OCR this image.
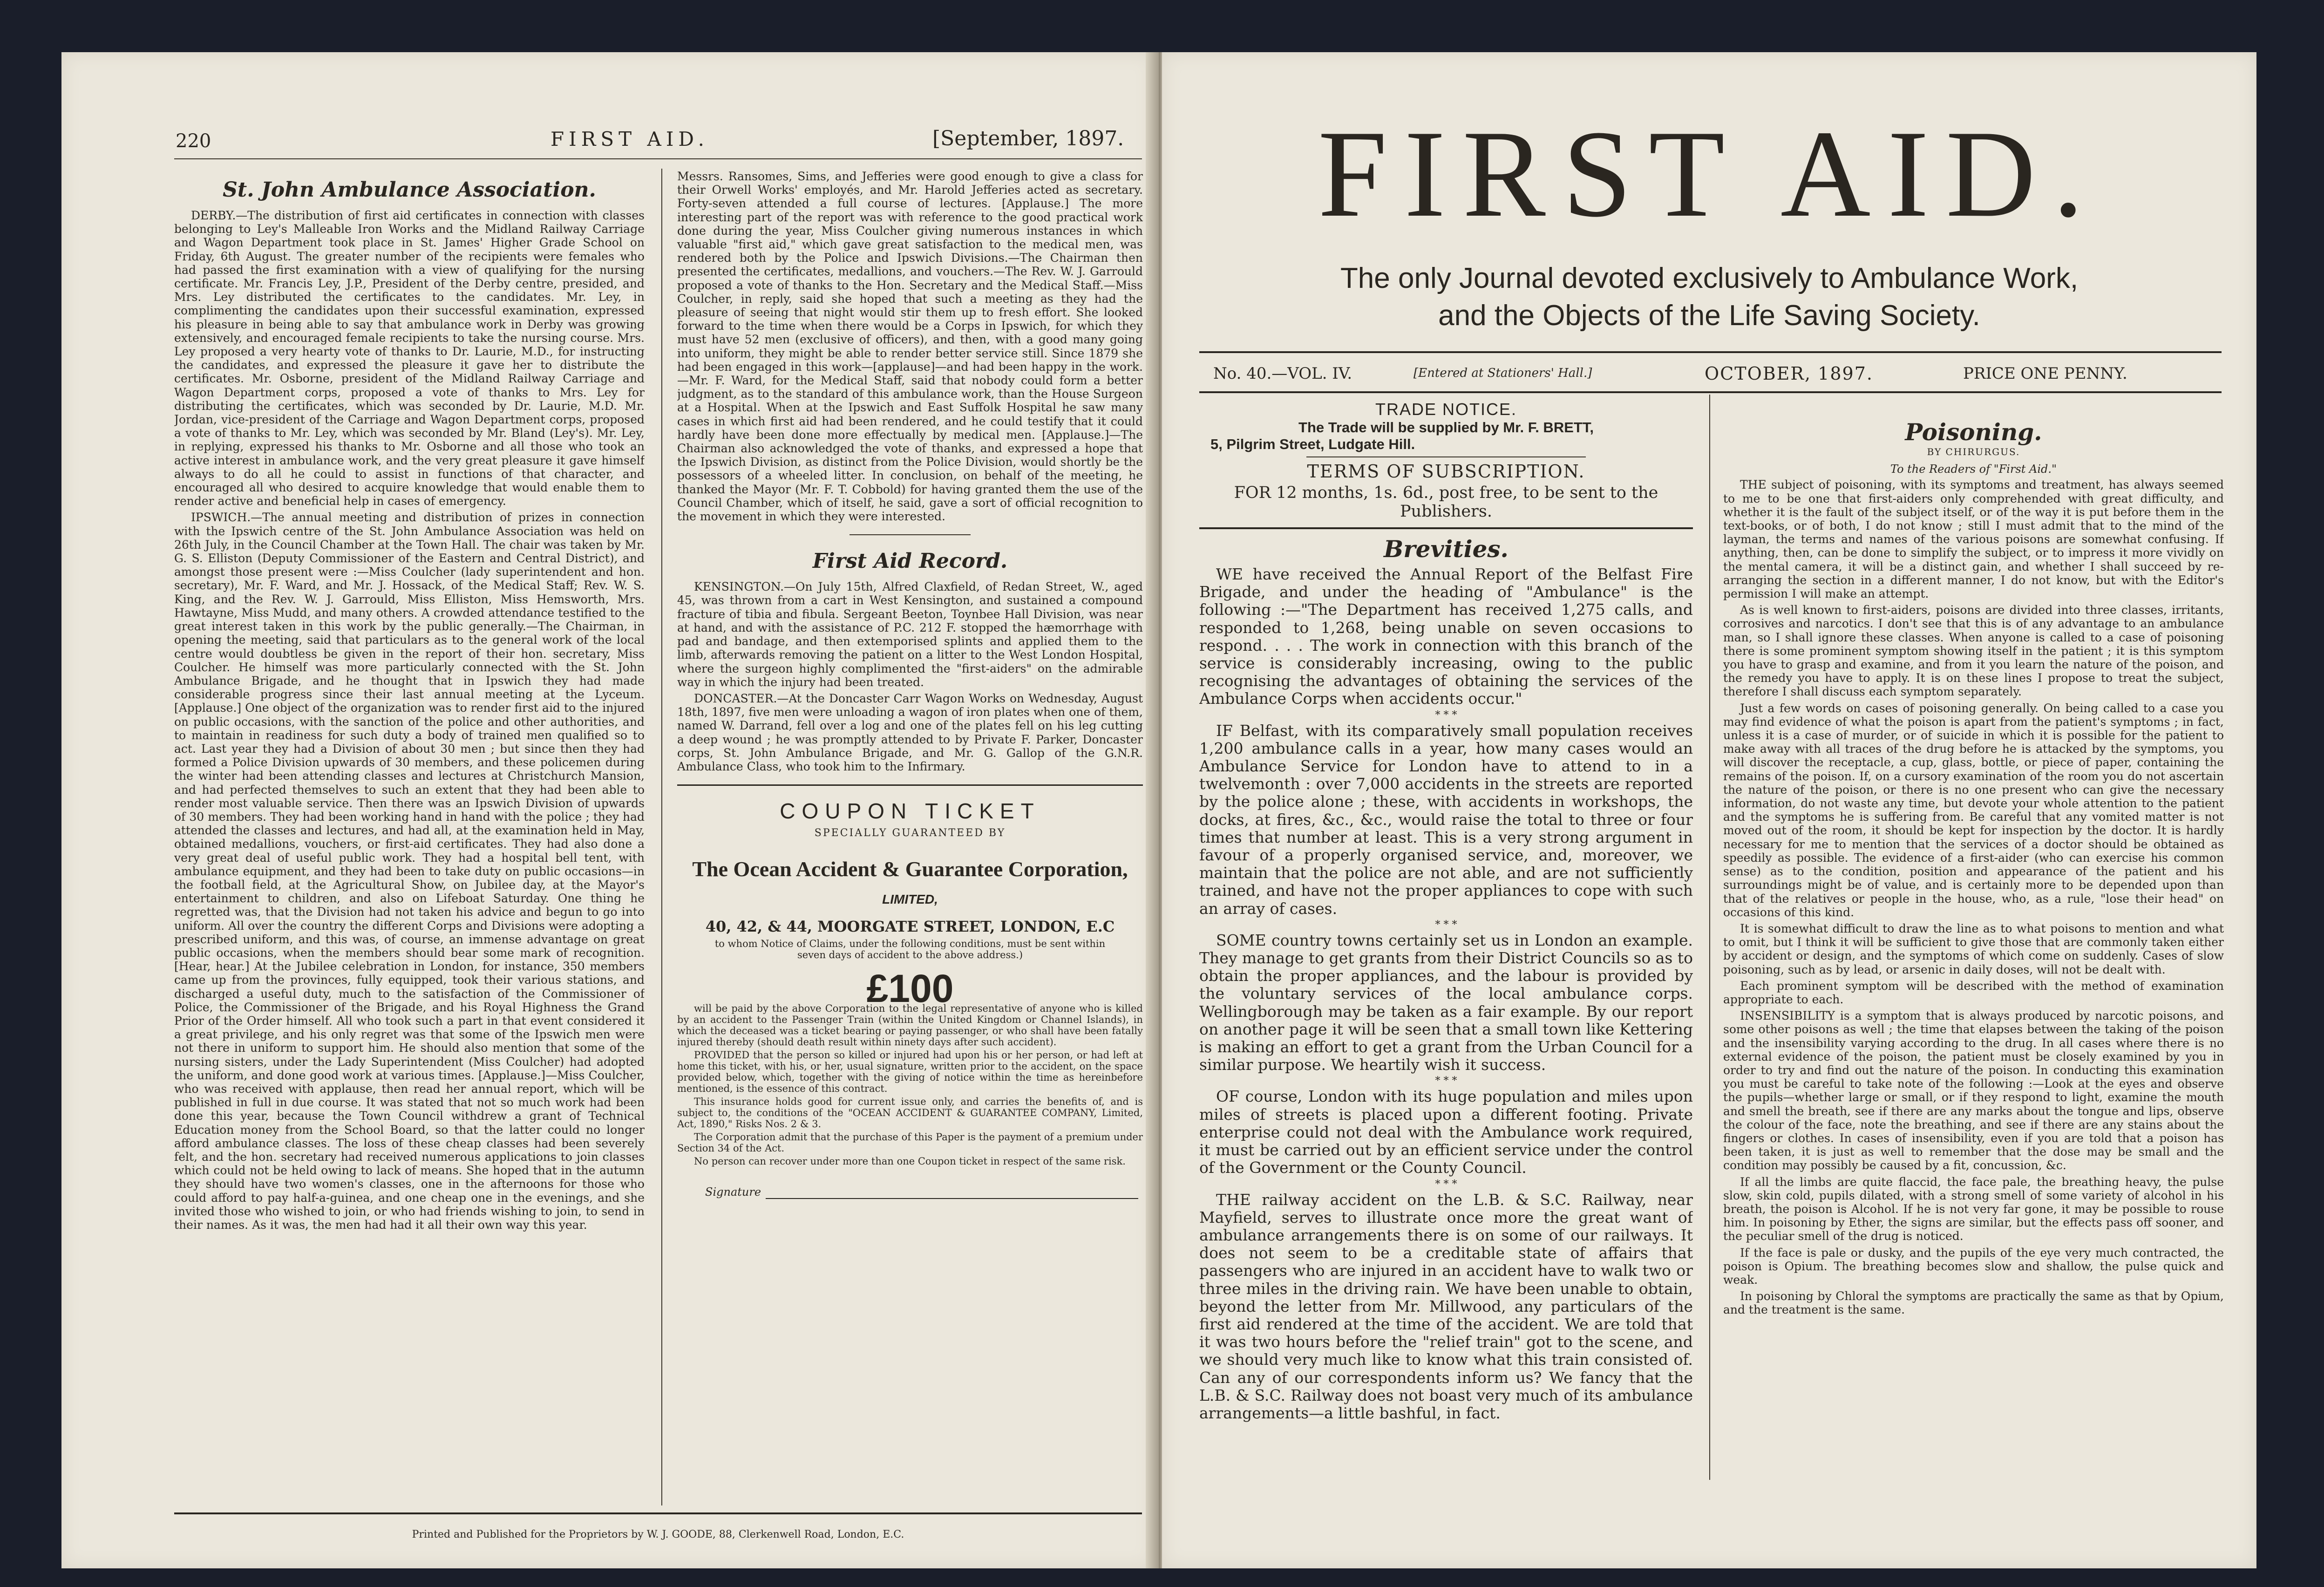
220	FIRST AID.	[September, 1897.
St. John Ambulance Association.

DERBY.—The distribution of first aid certificates in connection with classes belonging to Ley's Malleable Iron Works and the Midland Railway Carriage and Wagon Department took place in St. James' Higher Grade School on Friday, 6th August. The greater number of the recipients were females who had passed the first examination with a view of qualifying for the nursing certificate. Mr. Francis Ley, J.P., President of the Derby centre, presided, and Mrs. Ley distributed the certificates to the candidates. Mr. Ley, in complimenting the candidates upon their successful examination, expressed his pleasure in being able to say that ambulance work in Derby was growing extensively, and encouraged female recipients to take the nursing course. Mrs. Ley proposed a very hearty vote of thanks to Dr. Laurie, M.D., for instructing the candidates, and expressed the pleasure it gave her to distribute the certificates. Mr. Osborne, president of the Midland Railway Carriage and Wagon Department corps, proposed a vote of thanks to Mrs. Ley for distributing the certificates, which was seconded by Dr. Laurie, M.D. Mr. Jordan, vice-president of the Carriage and Wagon Department corps, proposed a vote of thanks to Mr. Ley, which was seconded by Mr. Bland (Ley's). Mr. Ley, in replying, expressed his thanks to Mr. Osborne and all those who took an active interest in ambulance work, and the very great pleasure it gave himself always to do all he could to assist in functions of that character, and encouraged all who desired to acquire knowledge that would enable them to render active and beneficial help in cases of emergency.

IPSWICH.—The annual meeting and distribution of prizes in connection with the Ipswich centre of the St. John Ambulance Association was held on 26th July, in the Council Chamber at the Town Hall. The chair was taken by Mr. G. S. Elliston (Deputy Commissioner of the Eastern and Central District), and amongst those present were :—Miss Coulcher (lady superintendent and hon. secretary), Mr. F. Ward, and Mr. J. Hossack, of the Medical Staff; Rev. W. S. King, and the Rev. W. J. Garrould, Miss Elliston, Miss Hemsworth, Mrs. Hawtayne, Miss Mudd, and many others. A crowded attendance testified to the great interest taken in this work by the public generally.—The Chairman, in opening the meeting, said that particulars as to the general work of the local centre would doubtless be given in the report of their hon. secretary, Miss Coulcher. He himself was more particularly connected with the St. John Ambulance Brigade, and he thought that in Ipswich they had made considerable progress since their last annual meeting at the Lyceum. [Applause.] One object of the organization was to render first aid to the injured on public occasions, with the sanction of the police and other authorities, and to maintain in readiness for such duty a body of trained men qualified so to act. Last year they had a Division of about 30 men ; but since then they had formed a Police Division upwards of 30 members, and these policemen during the winter had been attending classes and lectures at Christchurch Mansion, and had perfected themselves to such an extent that they had been able to render most valuable service. Then there was an Ipswich Division of upwards of 30 members. They had been working hand in hand with the police ; they had attended the classes and lectures, and had all, at the examination held in May, obtained medallions, vouchers, or first-aid certificates. They had also done a very great deal of useful public work. They had a hospital bell tent, with ambulance equipment, and they had been to take duty on public occasions—in the football field, at the Agricultural Show, on Jubilee day, at the Mayor's entertainment to children, and also on Lifeboat Saturday. One thing he regretted was, that the Division had not taken his advice and begun to go into uniform. All over the country the different Corps and Divisions were adopting a prescribed uniform, and this was, of course, an immense advantage on great public occasions, when the members should bear some mark of recognition. [Hear, hear.] At the Jubilee celebration in London, for instance, 350 members came up from the provinces, fully equipped, took their various stations, and discharged a useful duty, much to the satisfaction of the Commissioner of Police, the Commissioner of the Brigade, and his Royal Highness the Grand Prior of the Order himself. All who took such a part in that event considered it a great privilege, and his only regret was that some of the Ipswich men were not there in uniform to support him. He should also mention that some of the nursing sisters, under the Lady Superintendent (Miss Coulcher) had adopted the uniform, and done good work at various times. [Applause.]—Miss Coulcher, who was received with applause, then read her annual report, which will be published in full in due course. It was stated that not so much work had been done this year, because the Town Council withdrew a grant of Technical Education money from the School Board, so that the latter could no longer afford ambulance classes. The loss of these cheap classes had been severely felt, and the hon. secretary had received numerous applications to join classes which could not be held owing to lack of means. She hoped that in the autumn they should have two women's classes, one in the afternoons for those who could afford to pay half-a-guinea, and one cheap one in the evenings, and she invited those who wished to join, or who had friends wishing to join, to send in their names. As it was, the men had had it all their own way this year.

Messrs. Ransomes, Sims, and Jefferies were good enough to give a class for their Orwell Works' employés, and Mr. Harold Jefferies acted as secretary. Forty-seven attended a full course of lectures. [Applause.] The more interesting part of the report was with reference to the good practical work done during the year, Miss Coulcher giving numerous instances in which valuable "first aid," which gave great satisfaction to the medical men, was rendered both by the Police and Ipswich Divisions.—The Chairman then presented the certificates, medallions, and vouchers.—The Rev. W. J. Garrould proposed a vote of thanks to the Hon. Secretary and the Medical Staff.—Miss Coulcher, in reply, said she hoped that such a meeting as they had the pleasure of seeing that night would stir them up to fresh effort. She looked forward to the time when there would be a Corps in Ipswich, for which they must have 52 men (exclusive of officers), and then, with a good many going into uniform, they might be able to render better service still. Since 1879 she had been engaged in this work—[applause]—and had been happy in the work.—Mr. F. Ward, for the Medical Staff, said that nobody could form a better judgment, as to the standard of this ambulance work, than the House Surgeon at a Hospital. When at the Ipswich and East Suffolk Hospital he saw many cases in which first aid had been rendered, and he could testify that it could hardly have been done more effectually by medical men. [Applause.]—The Chairman also acknowledged the vote of thanks, and expressed a hope that the Ipswich Division, as distinct from the Police Division, would shortly be the possessors of a wheeled litter. In conclusion, on behalf of the meeting, he thanked the Mayor (Mr. F. T. Cobbold) for having granted them the use of the Council Chamber, which of itself, he said, gave a sort of official recognition to the movement in which they were interested.

First Aid Record.

KENSINGTON.—On July 15th, Alfred Claxfield, of Redan Street, W., aged 45, was thrown from a cart in West Kensington, and sustained a compound fracture of tibia and fibula. Sergeant Beeton, Toynbee Hall Division, was near at hand, and with the assistance of P.C. 212 F. stopped the hæmorrhage with pad and bandage, and then extemporised splints and applied them to the limb, afterwards removing the patient on a litter to the West London Hospital, where the surgeon highly complimented the "first-aiders" on the admirable way in which the injury had been treated.

DONCASTER.—At the Doncaster Carr Wagon Works on Wednesday, August 18th, 1897, five men were unloading a wagon of iron plates when one of them, named W. Darrand, fell over a log and one of the plates fell on his leg cutting a deep wound ; he was promptly attended to by Private F. Parker, Doncaster corps, St. John Ambulance Brigade, and Mr. G. Gallop of the G.N.R. Ambulance Class, who took him to the Infirmary.

COUPON TICKET
SPECIALLY GUARANTEED BY
The Ocean Accident & Guarantee Corporation,
LIMITED,
40, 42, & 44, MOORGATE STREET, LONDON, E.C
to whom Notice of Claims, under the following conditions, must be sent within seven days of accident to the above address.)
£100

will be paid by the above Corporation to the legal representative of anyone who is killed by an accident to the Passenger Train (within the United Kingdom or Channel Islands), in which the deceased was a ticket bearing or paying passenger, or who shall have been fatally injured thereby (should death result within ninety days after such accident).

PROVIDED that the person so killed or injured had upon his or her person, or had left at home this ticket, with his, or her, usual signature, written prior to the accident, on the space provided below, which, together with the giving of notice within the time as hereinbefore mentioned, is the essence of this contract.

This insurance holds good for current issue only, and carries the benefits of, and is subject to, the conditions of the "OCEAN ACCIDENT & GUARANTEE COMPANY, Limited, Act, 1890," Risks Nos. 2 & 3.

The Corporation admit that the purchase of this Paper is the payment of a premium under Section 34 of the Act.

No person can recover under more than one Coupon ticket in respect of the same risk.

Signature
Printed and Published for the Proprietors by W. J. GOODE, 88, Clerkenwell Road, London, E.C.
FIRST AID.
The only Journal devoted exclusively to Ambulance Work,
and the Objects of the Life Saving Society.
No. 40.—VOL. IV.	[Entered at Stationers' Hall.]	OCTOBER, 1897.	PRICE ONE PENNY.
TRADE NOTICE.
The Trade will be supplied by Mr. F. BRETT,
5, Pilgrim Street, Ludgate Hill.
TERMS OF SUBSCRIPTION.
FOR 12 months, 1s. 6d., post free, to be sent to the Publishers.
Brevities.

WE have received the Annual Report of the Belfast Fire Brigade, and under the heading of "Ambulance" is the following :—"The Department has received 1,275 calls, and responded to 1,268, being unable on seven occasions to respond. . . . The work in connection with this branch of the service is considerably increasing, owing to the public recognising the advantages of obtaining the services of the Ambulance Corps when accidents occur."

* * *

IF Belfast, with its comparatively small population receives 1,200 ambulance calls in a year, how many cases would an Ambulance Service for London have to attend to in a twelvemonth : over 7,000 accidents in the streets are reported by the police alone ; these, with accidents in workshops, the docks, at fires, &c., &c., would raise the total to three or four times that number at least. This is a very strong argument in favour of a properly organised service, and, moreover, we maintain that the police are not able, and are not sufficiently trained, and have not the proper appliances to cope with such an array of cases.

* * *

SOME country towns certainly set us in London an example. They manage to get grants from their District Councils so as to obtain the proper appliances, and the labour is provided by the voluntary services of the local ambulance corps. Wellingborough may be taken as a fair example. By our report on another page it will be seen that a small town like Kettering is making an effort to get a grant from the Urban Council for a similar purpose. We heartily wish it success.

* * *

OF course, London with its huge population and miles upon miles of streets is placed upon a different footing. Private enterprise could not deal with the Ambulance work required, it must be carried out by an efficient service under the control of the Government or the County Council.

* * *

THE railway accident on the L.B. & S.C. Railway, near Mayfield, serves to illustrate once more the great want of ambulance arrangements there is on some of our railways. It does not seem to be a creditable state of affairs that passengers who are injured in an accident have to walk two or three miles in the driving rain. We have been unable to obtain, beyond the letter from Mr. Millwood, any particulars of the first aid rendered at the time of the accident. We are told that it was two hours before the "relief train" got to the scene, and we should very much like to know what this train consisted of. Can any of our correspondents inform us? We fancy that the L.B. & S.C. Railway does not boast very much of its ambulance arrangements—a little bashful, in fact.

Poisoning.
BY CHIRURGUS.
To the Readers of "First Aid."

THE subject of poisoning, with its symptoms and treatment, has always seemed to me to be one that first-aiders only comprehended with great difficulty, and whether it is the fault of the subject itself, or of the way it is put before them in the text-books, or of both, I do not know ; still I must admit that to the mind of the layman, the terms and names of the various poisons are somewhat confusing. If anything, then, can be done to simplify the subject, or to impress it more vividly on the mental camera, it will be a distinct gain, and whether I shall succeed by re-arranging the section in a different manner, I do not know, but with the Editor's permission I will make an attempt.

As is well known to first-aiders, poisons are divided into three classes, irritants, corrosives and narcotics. I don't see that this is of any advantage to an ambulance man, so I shall ignore these classes. When anyone is called to a case of poisoning there is some prominent symptom showing itself in the patient ; it is this symptom you have to grasp and examine, and from it you learn the nature of the poison, and the remedy you have to apply. It is on these lines I propose to treat the subject, therefore I shall discuss each symptom separately.

Just a few words on cases of poisoning generally. On being called to a case you may find evidence of what the poison is apart from the patient's symptoms ; in fact, unless it is a case of murder, or of suicide in which it is possible for the patient to make away with all traces of the drug before he is attacked by the symptoms, you will discover the receptacle, a cup, glass, bottle, or piece of paper, containing the remains of the poison. If, on a cursory examination of the room you do not ascertain the nature of the poison, or there is no one present who can give the necessary information, do not waste any time, but devote your whole attention to the patient and the symptoms he is suffering from. Be careful that any vomited matter is not moved out of the room, it should be kept for inspection by the doctor. It is hardly necessary for me to mention that the services of a doctor should be obtained as speedily as possible. The evidence of a first-aider (who can exercise his common sense) as to the condition, position and appearance of the patient and his surroundings might be of value, and is certainly more to be depended upon than that of the relatives or people in the house, who, as a rule, "lose their head" on occasions of this kind.

It is somewhat difficult to draw the line as to what poisons to mention and what to omit, but I think it will be sufficient to give those that are commonly taken either by accident or design, and the symptoms of which come on suddenly. Cases of slow poisoning, such as by lead, or arsenic in daily doses, will not be dealt with.

Each prominent symptom will be described with the method of examination appropriate to each.

INSENSIBILITY is a symptom that is always produced by narcotic poisons, and some other poisons as well ; the time that elapses between the taking of the poison and the insensibility varying according to the drug. In all cases where there is no external evidence of the poison, the patient must be closely examined by you in order to try and find out the nature of the poison. In conducting this examination you must be careful to take note of the following :—Look at the eyes and observe the pupils—whether large or small, or if they respond to light, examine the mouth and smell the breath, see if there are any marks about the tongue and lips, observe the colour of the face, note the breathing, and see if there are any stains about the fingers or clothes. In cases of insensibility, even if you are told that a poison has been taken, it is just as well to remember that the dose may be small and the condition may possibly be caused by a fit, concussion, &c.

If all the limbs are quite flaccid, the face pale, the breathing heavy, the pulse slow, skin cold, pupils dilated, with a strong smell of some variety of alcohol in his breath, the poison is Alcohol. If he is not very far gone, it may be possible to rouse him. In poisoning by Ether, the signs are similar, but the effects pass off sooner, and the peculiar smell of the drug is noticed.

If the face is pale or dusky, and the pupils of the eye very much contracted, the poison is Opium. The breathing becomes slow and shallow, the pulse quick and weak.

In poisoning by Chloral the symptoms are practically the same as that by Opium, and the treatment is the same.
